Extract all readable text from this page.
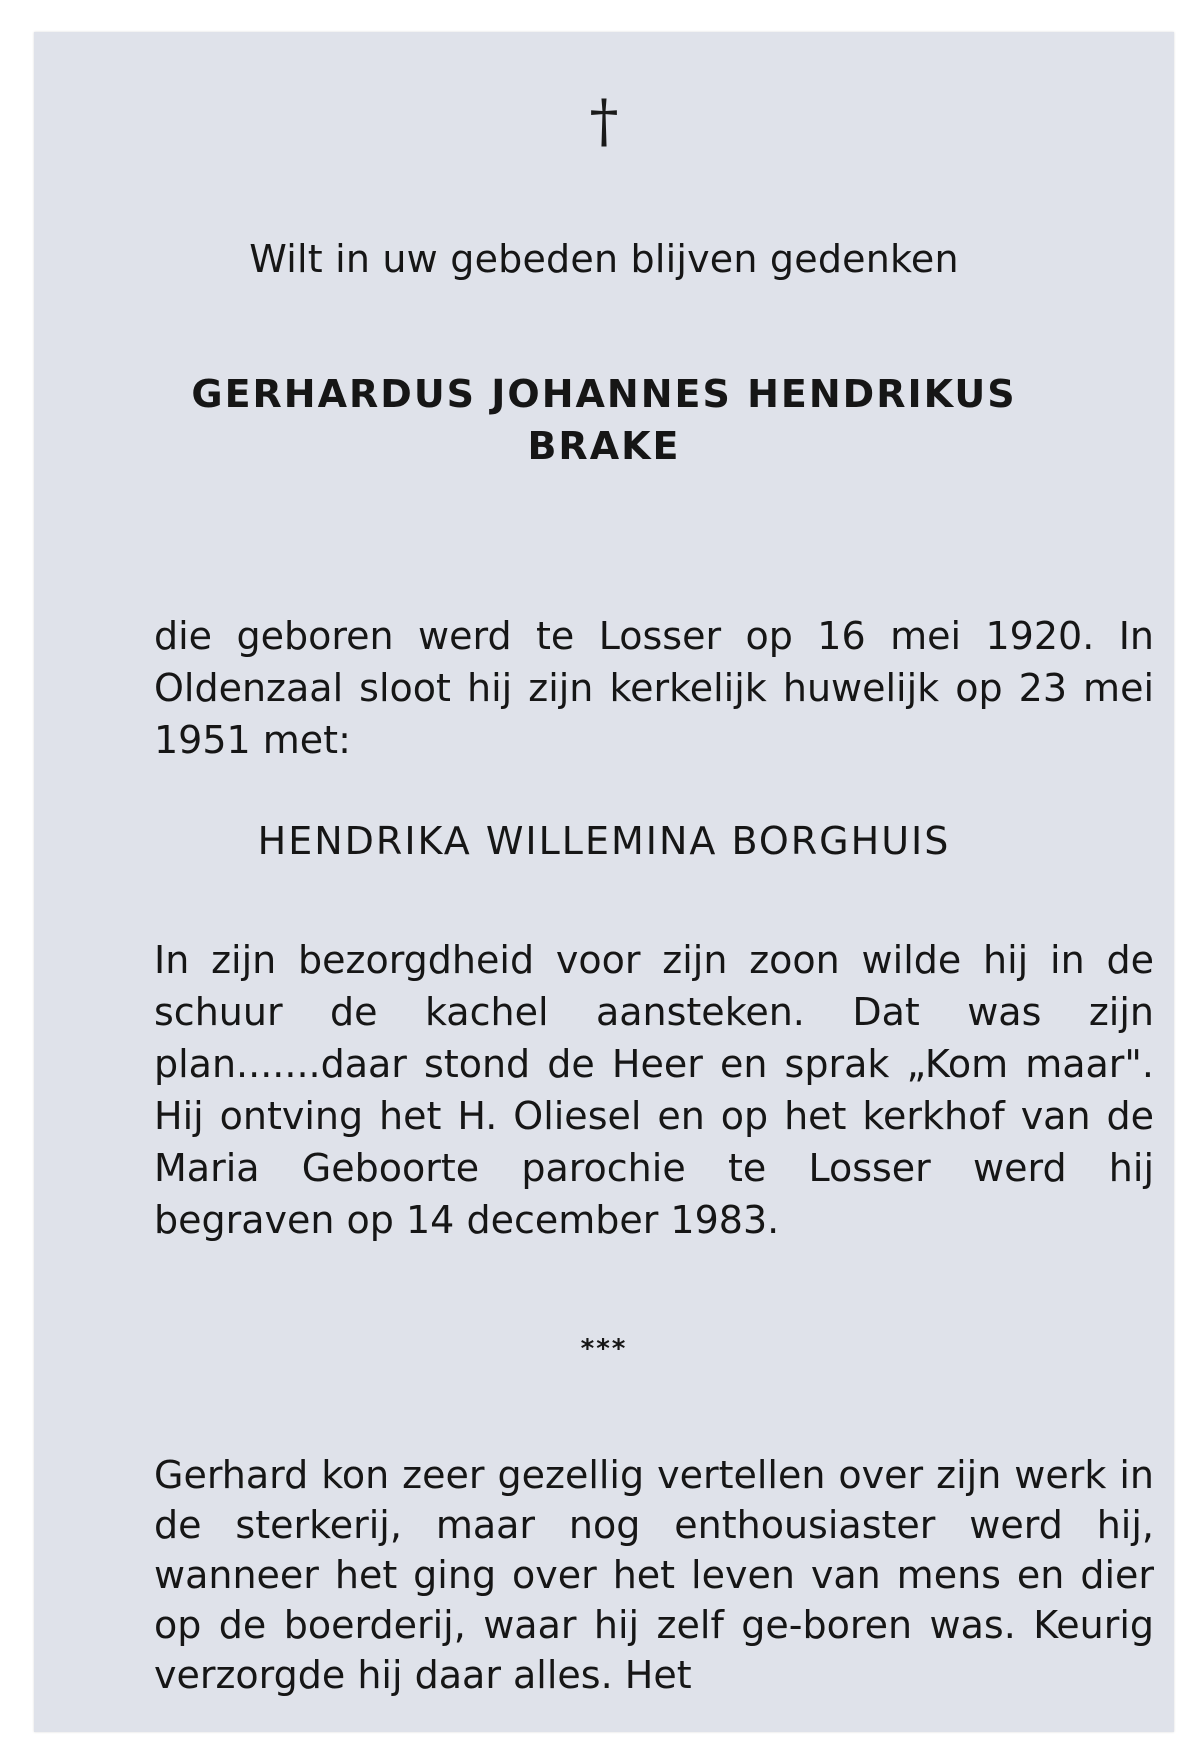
†
Wilt in uw gebeden blijven gedenken
GERHARDUS JOHANNES HENDRIKUS
BRAKE
die geboren werd te Losser op 16 mei 1920. In Oldenzaal sloot hij zijn kerkelijk huwelijk op 23 mei 1951 met:
HENDRIKA WILLEMINA BORGHUIS
In zijn bezorgdheid voor zijn zoon wilde hij in de schuur de kachel aansteken. Dat was zijn plan.......daar stond de Heer en sprak „Kom maar". Hij ontving het H. Oliesel en op het kerkhof van de Maria Geboorte parochie te Losser werd hij begraven op 14 december 1983.
***
Gerhard kon zeer gezellig vertellen over zijn werk in de sterkerij, maar nog enthousiaster werd hij, wanneer het ging over het leven van mens en dier op de boerderij, waar hij zelf ge-boren was. Keurig verzorgde hij daar alles. Het
